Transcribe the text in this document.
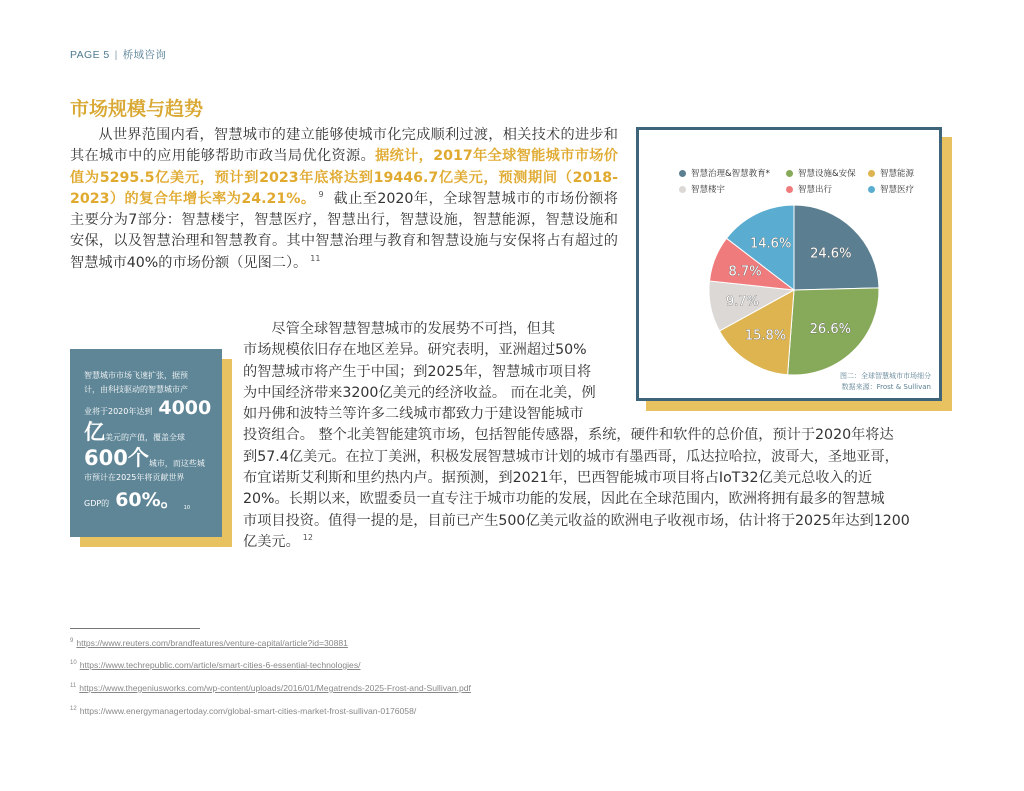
PAGE 5 | 桥域咨询
市场规模与趋势
从世界范围内看，智慧城市的建立能够使城市化完成顺利过渡，相关技术的进步和其在城市中的应用能够帮助市政当局优化资源。据统计，2017年全球智能城市市场价值为5295.5亿美元，预计到2023年底将达到19446.7亿美元，预测期间（2018-2023）的复合年增长率为24.21%。 $^9$ 截止至2020年，全球智慧城市的市场份额将主要分为7部分：智慧楼宇，智慧医疗，智慧出行，智慧设施，智慧能源，智慧设施和安保，以及智慧治理和智慧教育。其中智慧治理与教育和智慧设施与安保将占有超过的智慧城市40%的市场份额（见图二）。 $^{11}$
智慧城市市场飞速扩张，据预
计，由科技驱动的智慧城市产
业将于2020年达到 4000
亿 美元的产值，覆盖全球
600个 城市，而这些城
市预计在2025年将贡献世界
GDP的 60%。 10
尽管全球智慧智慧城市的发展势不可挡，但其
市场规模依旧存在地区差异。研究表明，亚洲超过50%
的智慧城市将产生于中国；到2025年，智慧城市项目将
为中国经济带来3200亿美元的经济收益。 而在北美，例
如丹佛和波特兰等许多二线城市都致力于建设智能城市
投资组合。 整个北美智能建筑市场，包括智能传感器，系统，硬件和软件的总价值，预计于2020年将达
到57.4亿美元。在拉丁美洲，积极发展智慧城市计划的城市有墨西哥，瓜达拉哈拉，波哥大，圣地亚哥，
布宜诺斯艾利斯和里约热内卢。据预测，到2021年，巴西智能城市项目将占IoT32亿美元总收入的近
20%。长期以来，欧盟委员一直专注于城市功能的发展，因此在全球范围内，欧洲将拥有最多的智慧城
市项目投资。值得一提的是，目前已产生500亿美元收益的欧洲电子收视市场，估计将于2025年达到1200
亿美元。 $^{12}$
智慧治理&智慧教育*	智慧设施&安保	智慧能源
智慧楼宇	智慧出行	智慧医疗
24.6%
26.6%
15.8%
9.7%
8.7%
14.6%
图二：全球智慧城市市场细分
数据来源：Frost & Sullivan
$^9$ https://www.reuters.com/brandfeatures/venture-capital/article?id=30881
$^{10}$ https://www.techrepublic.com/article/smart-cities-6-essential-technologies/
$^{11}$ https://www.thegeniusworks.com/wp-content/uploads/2016/01/Megatrends-2025-Frost-and-Sullivan.pdf
$^{12}$ https://www.energymanagertoday.com/global-smart-cities-market-frost-sullivan-0176058/
